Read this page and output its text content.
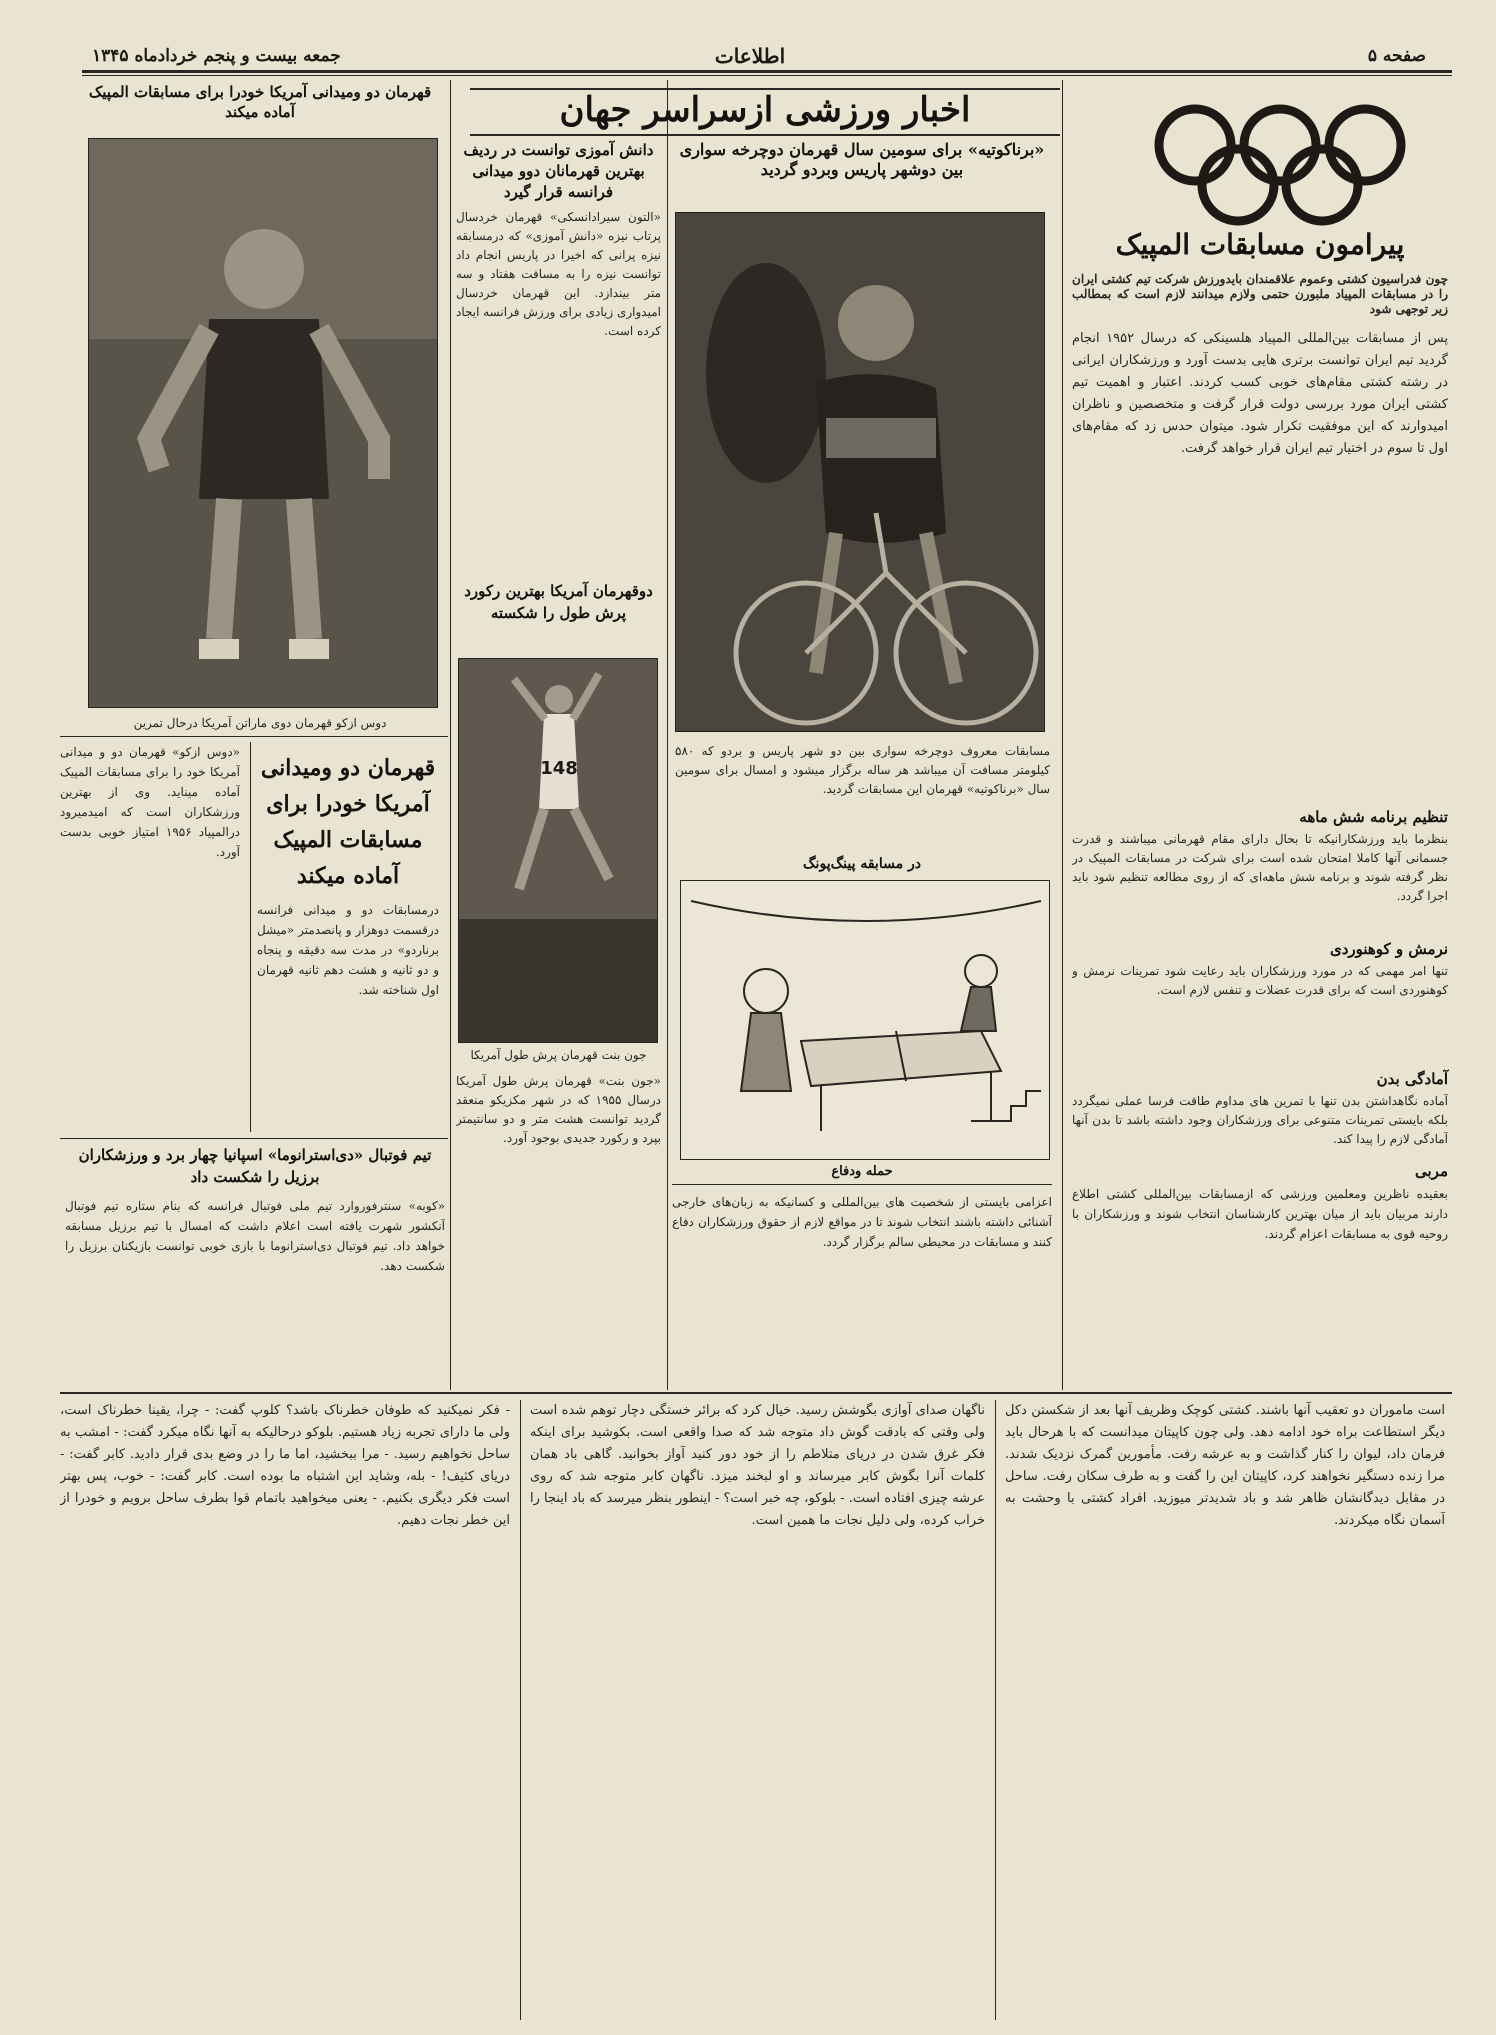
صفحه ۵
اطلاعات
جمعه بیست و پنجم خردادماه ۱۳۴۵
پیرامون مسابقات المپیک
چون فدراسیون کشتی وعموم علاقمندان بایدورزش شرکت تیم کشتی ایران را در مسابقات المپیاد ملبورن حتمی ولازم میدانند لازم است که بمطالب زیر توجهی شود
پس از مسابقات بین‌المللی المپیاد هلسینکی که درسال ۱۹۵۲ انجام گردید تیم ایران توانست برتری هایی بدست آورد و ورزشکاران ایرانی در رشته کشتی مقام‌های خوبی کسب کردند. اعتبار و اهمیت تیم کشتی ایران مورد بررسی دولت قرار گرفت و متخصصین و ناظران امیدوارند که این موفقیت تکرار شود. میتوان حدس زد که مقام‌های اول تا سوم در اختیار تیم ایران قرار خواهد گرفت.
تنظیم برنامه شش ماهه
بنظرما باید ورزشکارانیکه تا بحال دارای مقام قهرمانی میباشند و قدرت جسمانی آنها کاملا امتحان شده است برای شرکت در مسابقات المپیک در نظر گرفته شوند و برنامه شش ماهه‌ای که از روی مطالعه تنظیم شود باید اجرا گردد.
نرمش و کوهنوردی
تنها امر مهمی که در مورد ورزشکاران باید رعایت شود تمرینات نرمش و کوهنوردی است که برای قدرت عضلات و تنفس لازم است.
آمادگی بدن
آماده نگاهداشتن بدن تنها با تمرین های مداوم طاقت فرسا عملی نمیگردد بلکه بایستی تمرینات متنوعی برای ورزشکاران وجود داشته باشد تا بدن آنها آمادگی لازم را پیدا کند.
مربی
بعقیده ناظرین ومعلمین ورزشی که ازمسابقات بین‌المللی کشتی اطلاع دارند مربیان باید از میان بهترین کارشناسان انتخاب شوند و ورزشکاران با روحیه قوی به مسابقات اعزام گردند.
اخبار ورزشی ازسراسر جهان
«برناکوتیه» برای سومین سال قهرمان دوچرخه سواری بین دوشهر پاریس وبردو گردید
مسابقات معروف دوچرخه سواری بین دو شهر پاریس و بردو که ۵۸۰ کیلومتر مسافت آن میباشد هر ساله برگزار میشود و امسال برای سومین سال «برناکوتیه» قهرمان این مسابقات گردید.
در مسابقه پینگ‌پونگ
حمله ودفاع
اعزامی بایستی از شخصیت های بین‌المللی و کسانیکه به زبان‌های خارجی آشنائی داشته باشند انتخاب شوند تا در مواقع لازم از حقوق ورزشکاران دفاع کنند و مسابقات در محیطی سالم برگزار گردد.
دانش آموزی توانست در ردیف بهترین قهرمانان دوو میدانی فرانسه قرار گیرد
«التون سیرادانسکی» قهرمان خردسال پرتاب نیزه «دانش آموزی» که درمسابقه نیزه پرانی که اخیرا در پاریس انجام داد توانست نیزه را به مسافت هفتاد و سه متر بیندازد. این قهرمان خردسال امیدواری زیادی برای ورزش فرانسه ایجاد کرده است.
دوقهرمان آمریکا بهترین رکورد پرش طول را شکسته
148
جون بنت قهرمان پرش طول آمریکا
«جون بنت» قهرمان پرش طول آمریکا درسال ۱۹۵۵ که در شهر مکزیکو منعقد گردید توانست هشت متر و دو سانتیمتر بپرد و رکورد جدیدی بوجود آورد.
قهرمان دو ومیدانی آمریکا خودرا برای مسابقات المپیک آماده میکند
دوس ازکو قهرمان دوی ماراتن آمریکا درحال تمرین
«دوس ازکو» قهرمان دو و میدانی آمریکا خود را برای مسابقات المپیک آماده میناید. وی از بهترین ورزشکاران است که امیدمیرود درالمپیاد ۱۹۵۶ امتیاز خوبی بدست آورد.
قهرمان دو ومیدانی آمریکا خودرا برای مسابقات المپیک آماده میکند
درمسابقات دو و میدانی فرانسه درقسمت دوهزار و پانصدمتر «میشل برناردو» در مدت سه دقیقه و پنجاه و دو ثانیه و هشت دهم ثانیه قهرمان اول شناخته شد.
تیم فوتبال «دی‌استرانوما» اسپانیا چهار برد و ورزشکاران برزیل را شکست داد
«کوبه» سنترفوروارد تیم ملی فوتبال فرانسه که بنام ستاره تیم فوتبال آنکشور شهرت یافته است اعلام داشت که امسال با تیم برزیل مسابقه خواهد داد. تیم فوتبال دی‌استرانوما با بازی خوبی توانست بازیکنان برزیل را شکست دهد.
است ماموران دو تعقیب آنها باشند. کشتی کوچک وظریف آنها بعد از شکستن دکل دیگر استطاعت براه خود ادامه دهد. ولی چون کاپیتان میدانست که با هرحال باید فرمان داد، لیوان را کنار گذاشت و به عرشه رفت. مأمورین گمرک نزدیک شدند. مرا زنده دستگیر نخواهند کرد، کاپیتان این را گفت و به طرف سکان رفت. ساحل در مقابل دیدگانشان ظاهر شد و باد شدیدتر میوزید. افراد کشتی با وحشت به آسمان نگاه میکردند.
ناگهان صدای آوازی بگوشش رسید. خیال کرد که برائر خستگی دچار توهم شده است ولی وقتی که بادقت گوش داد متوجه شد که صدا واقعی است. بکوشید برای اینکه فکر غرق شدن در دریای متلاطم را از خود دور کنید آواز بخوانید. گاهی باد همان کلمات آنرا بگوش کابر میرساند و او لبخند میزد. ناگهان کابر متوجه شد که روی عرشه چیزی افتاده است. - بلوکو، چه خبر است؟ - اینطور بنظر میرسد که باد اینجا را خراب کرده، ولی دلیل نجات ما همین است.
- فکر نمیکنید که طوفان خطرناک باشد؟ کلوپ گفت: - چرا، یقینا خطرناک است، ولی ما دارای تجربه زیاد هستیم. بلوکو درحالیکه به آنها نگاه میکرد گفت: - امشب به ساحل نخواهیم رسید. - مرا ببخشید، اما ما را در وضع بدی قرار دادید. کابر گفت: - دریای کثیف! - بله، وشاید این اشتباه ما بوده است. کابر گفت: - خوب، پس بهتر است فکر دیگری بکنیم. - یعنی میخواهید باتمام قوا بطرف ساحل برویم و خودرا از این خطر نجات دهیم.
